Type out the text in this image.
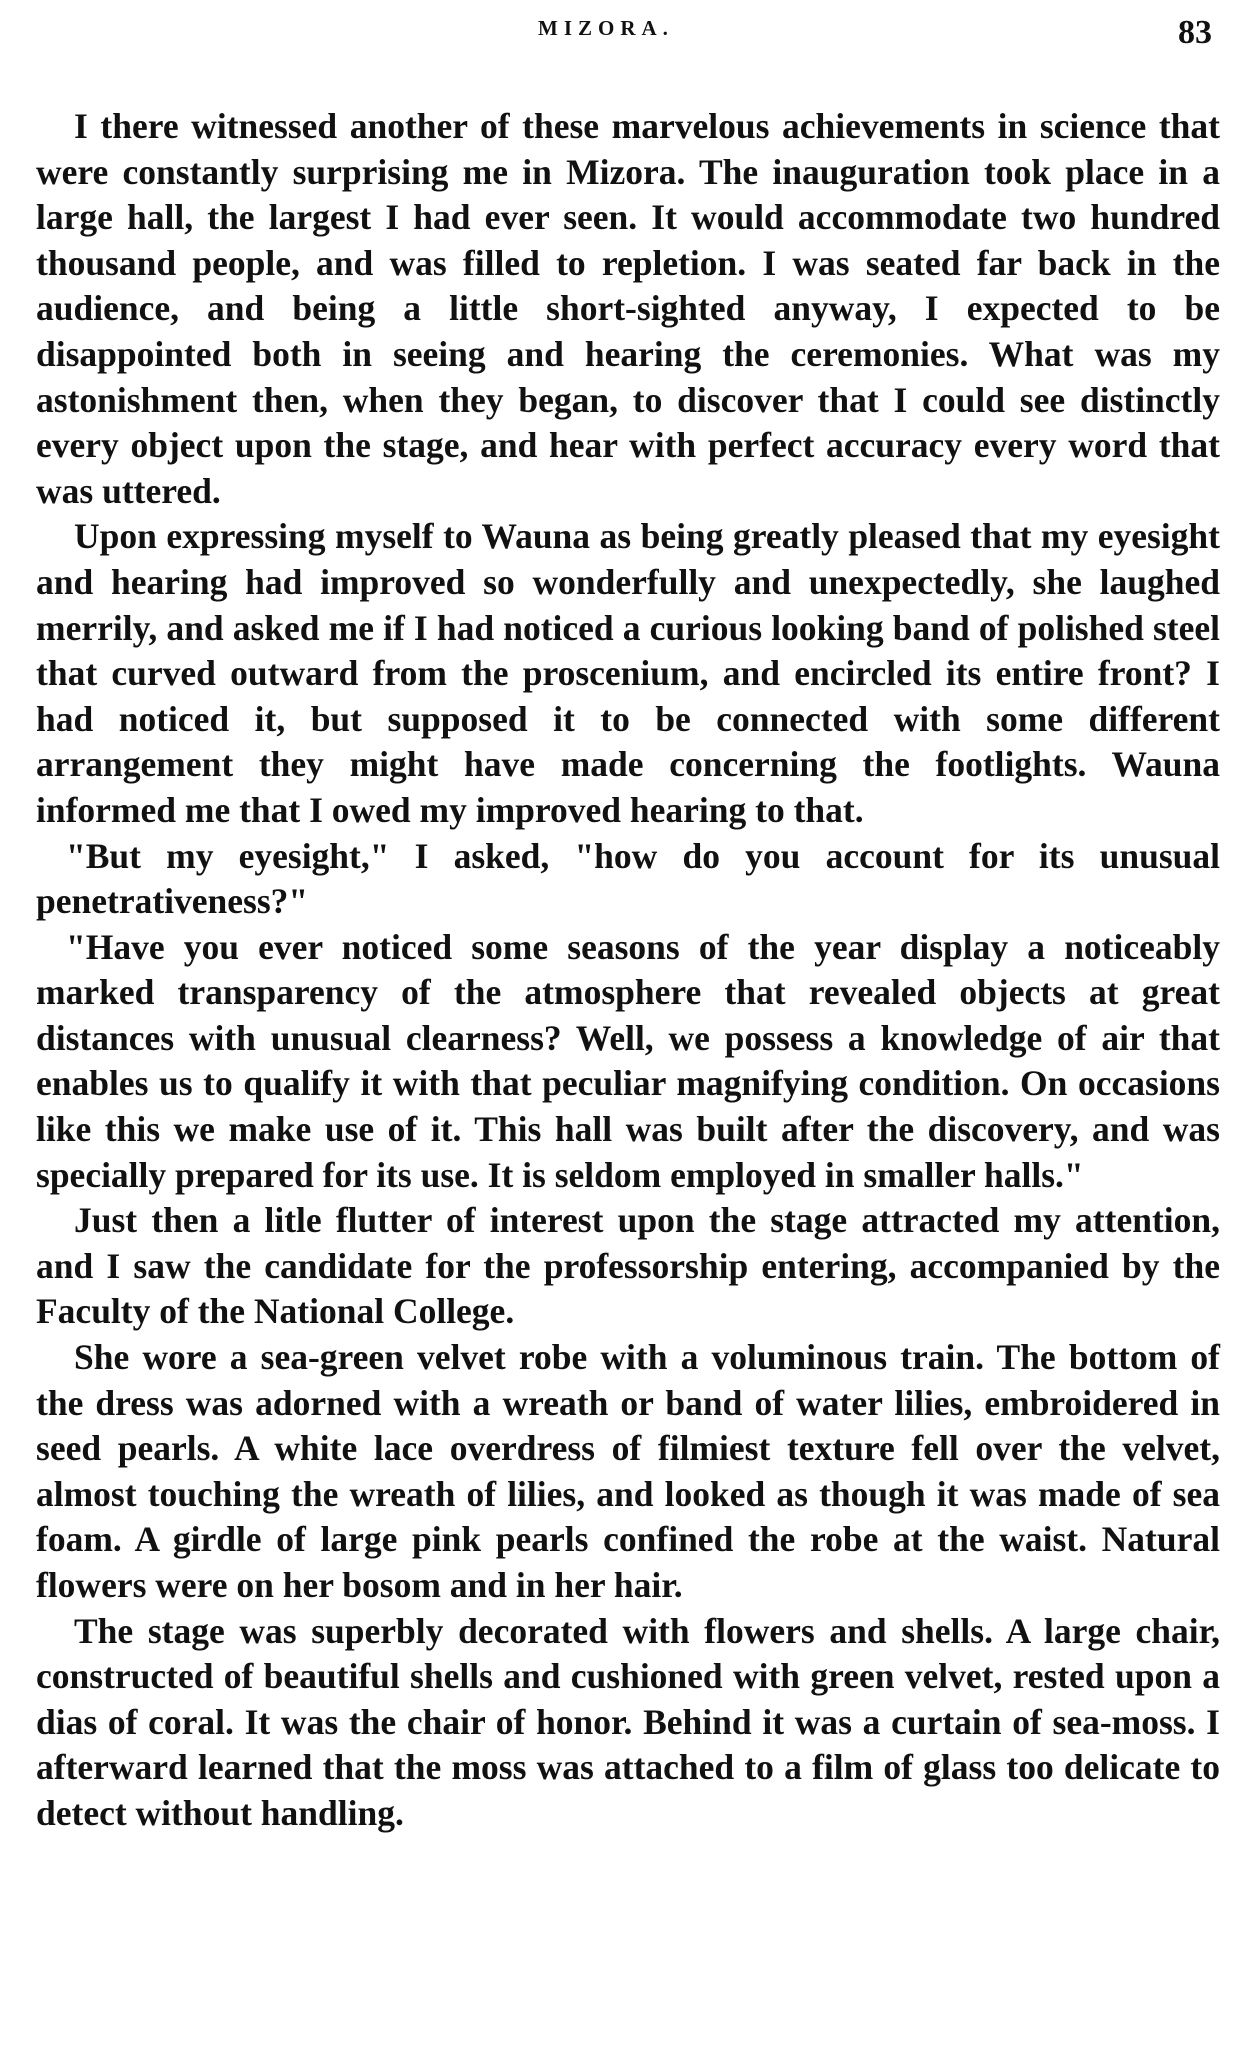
MIZORA.	83

I there witnessed another of these marvelous achievements in science that were constantly surprising me in Mizora. The inauguration took place in a large hall, the largest I had ever seen. It would accommodate two hundred thousand people, and was filled to repletion. I was seated far back in the audience, and being a little short-sighted anyway, I expected to be disappointed both in seeing and hearing the ceremonies. What was my astonishment then, when they began, to discover that I could see distinctly every object upon the stage, and hear with perfect accuracy every word that was uttered.

Upon expressing myself to Wauna as being greatly pleased that my eyesight and hearing had improved so wonderfully and unexpectedly, she laughed merrily, and asked me if I had noticed a curious looking band of polished steel that curved outward from the proscenium, and encircled its entire front? I had noticed it, but supposed it to be connected with some different arrangement they might have made concerning the footlights. Wauna informed me that I owed my improved hearing to that.

"But my eyesight," I asked, "how do you account for its unusual penetrativeness?"

"Have you ever noticed some seasons of the year display a noticeably marked transparency of the atmosphere that revealed objects at great distances with unusual clearness? Well, we possess a knowledge of air that enables us to qualify it with that peculiar magnifying condition. On occasions like this we make use of it. This hall was built after the discovery, and was specially prepared for its use. It is seldom employed in smaller halls."

Just then a litle flutter of interest upon the stage attracted my attention, and I saw the candidate for the professorship entering, accompanied by the Faculty of the National College.

She wore a sea-green velvet robe with a voluminous train. The bottom of the dress was adorned with a wreath or band of water lilies, embroidered in seed pearls. A white lace overdress of filmiest texture fell over the velvet, almost touching the wreath of lilies, and looked as though it was made of sea foam. A girdle of large pink pearls confined the robe at the waist. Natural flowers were on her bosom and in her hair.

The stage was superbly decorated with flowers and shells. A large chair, constructed of beautiful shells and cushioned with green velvet, rested upon a dias of coral. It was the chair of honor. Behind it was a curtain of sea-moss. I afterward learned that the moss was attached to a film of glass too delicate to detect without handling.
